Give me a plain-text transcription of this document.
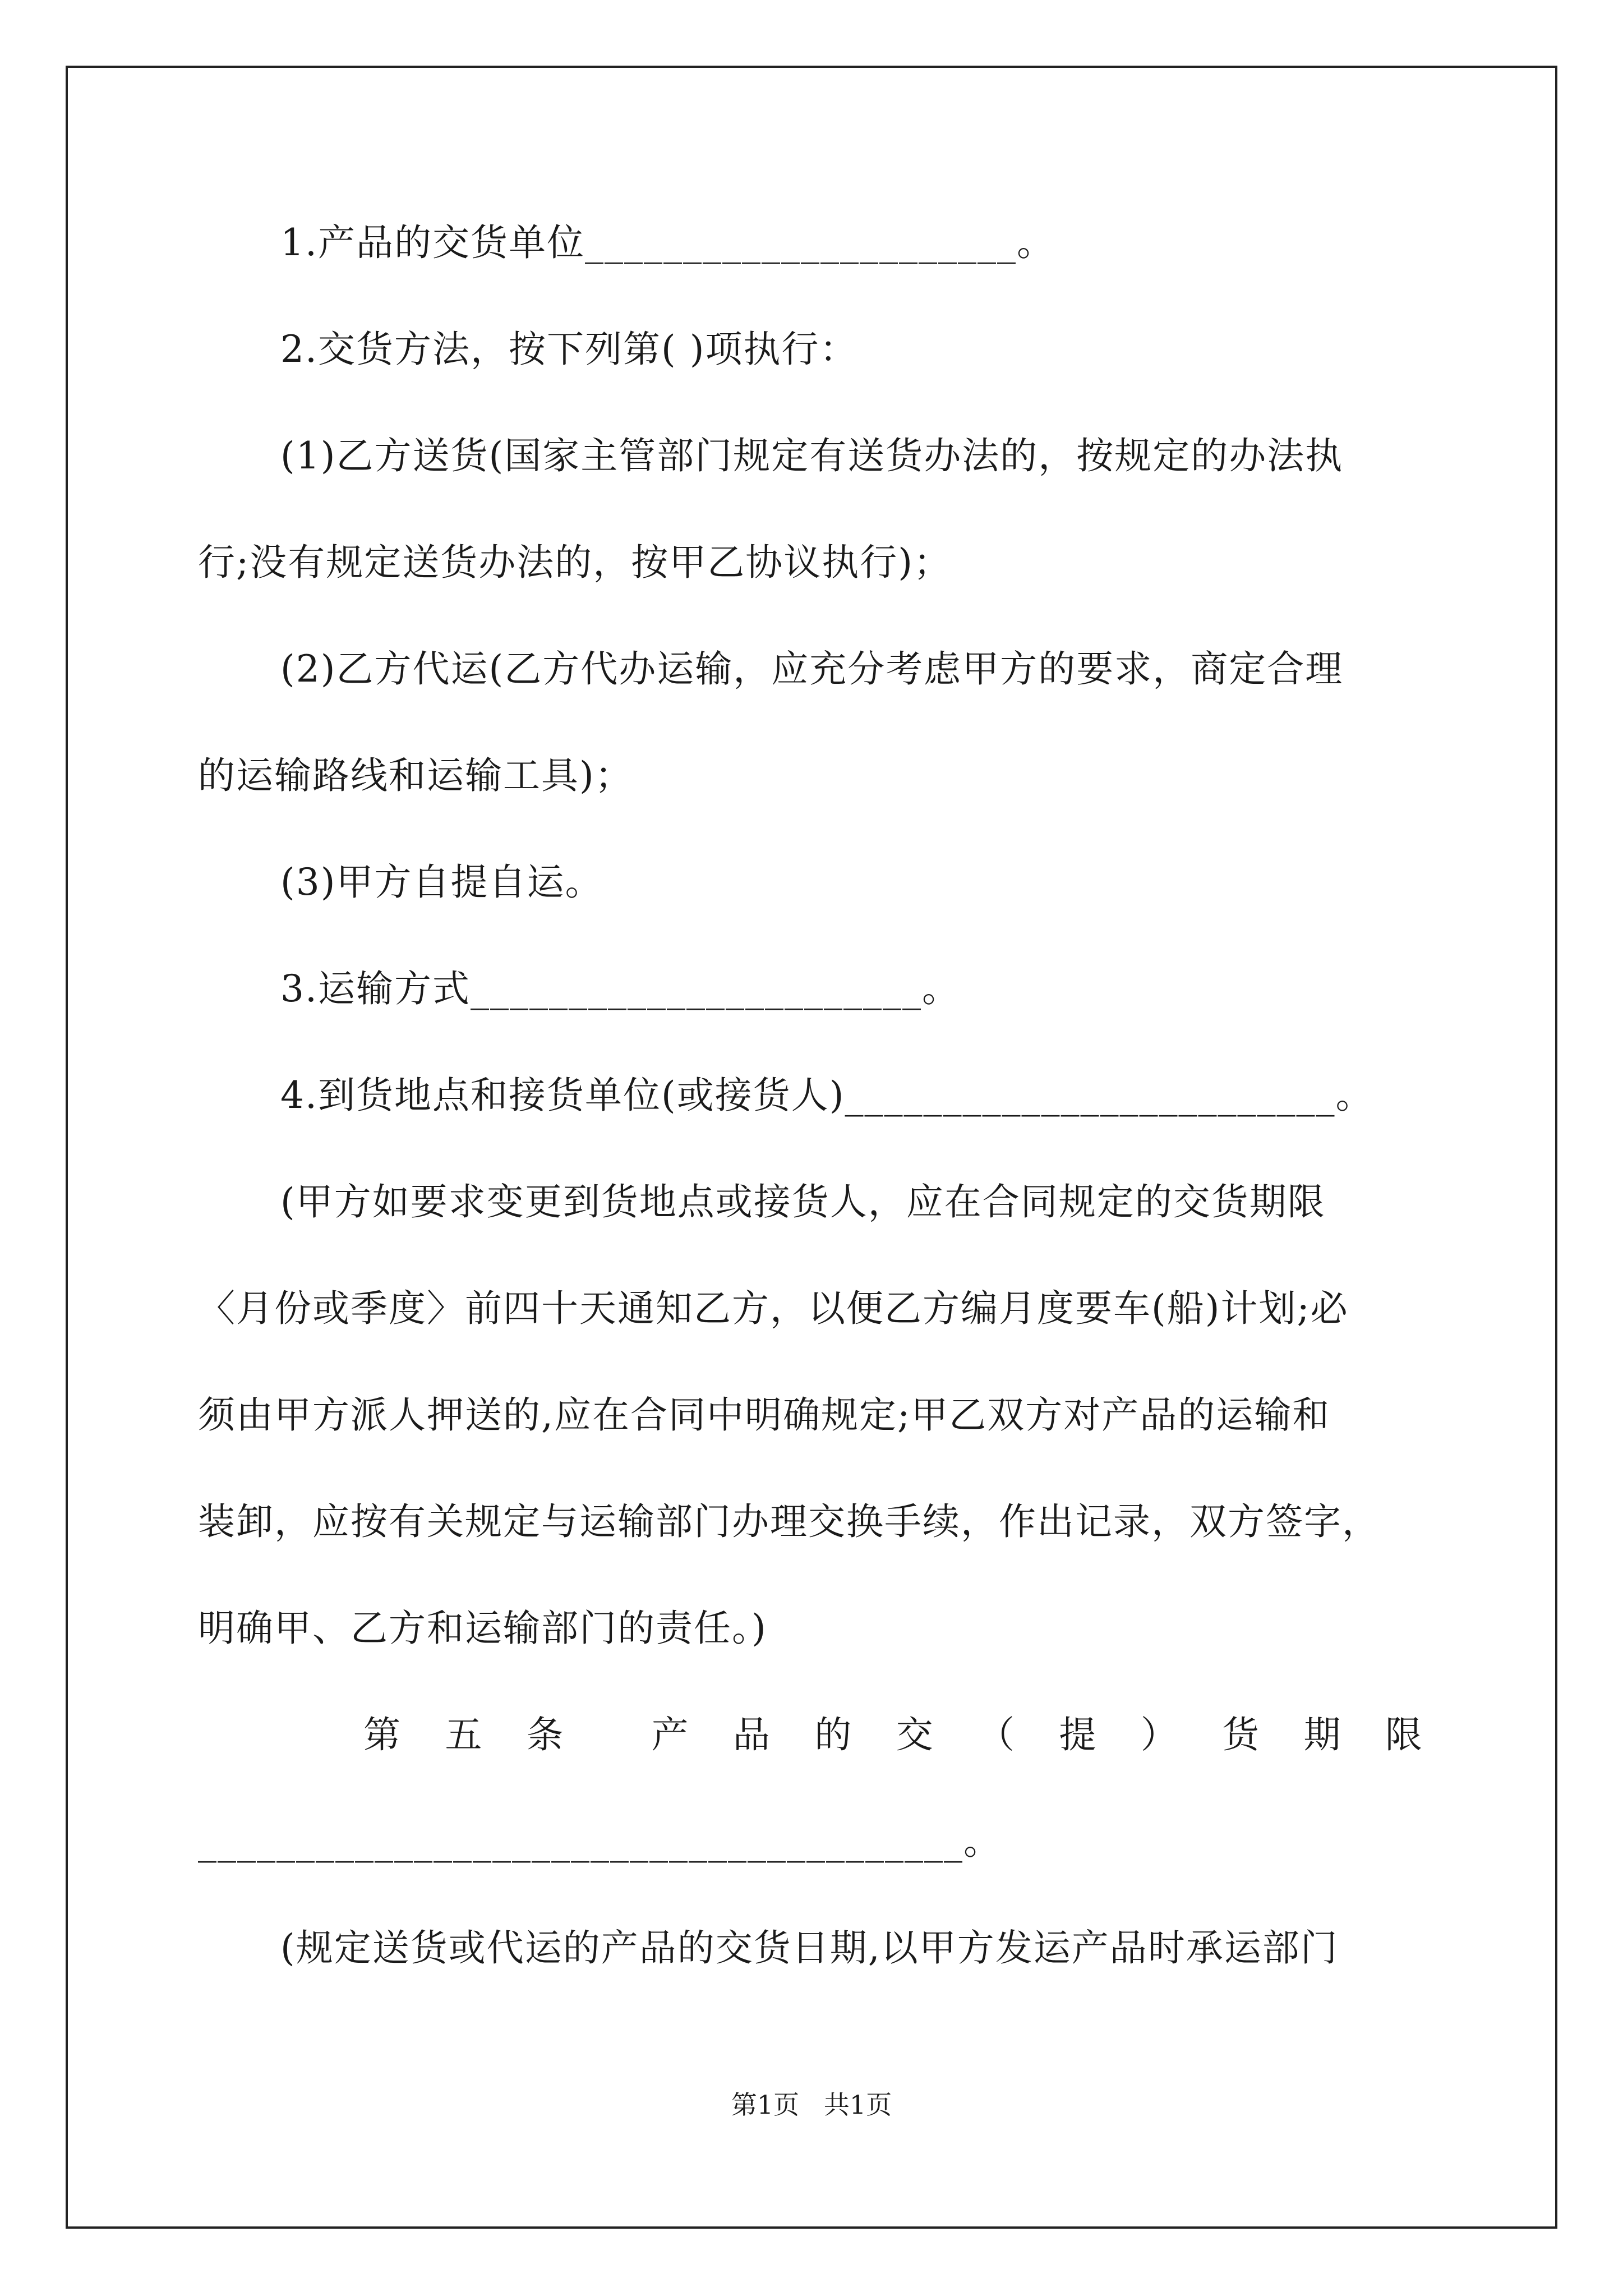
1.产品的交货单位______________________。
2.交货方法，按下列第( )项执行：
(1)乙方送货(国家主管部门规定有送货办法的，按规定的办法执
行;没有规定送货办法的，按甲乙协议执行)；
(2)乙方代运(乙方代办运输，应充分考虑甲方的要求，商定合理
的运输路线和运输工具)；
(3)甲方自提自运。
3.运输方式_______________________。
4.到货地点和接货单位(或接货人)_________________________。
(甲方如要求变更到货地点或接货人，应在合同规定的交货期限
〈月份或季度〉前四十天通知乙方，以便乙方编月度要车(船)计划;必
须由甲方派人押送的,应在合同中明确规定;甲乙双方对产品的运输和
装卸，应按有关规定与运输部门办理交换手续，作出记录，双方签字，
明确甲、乙方和运输部门的责任。)
第 五 条 产 品 的 交 （ 提 ） 货 期 限
_______________________________________。
(规定送货或代运的产品的交货日期,以甲方发运产品时承运部门
第1页   共1页
